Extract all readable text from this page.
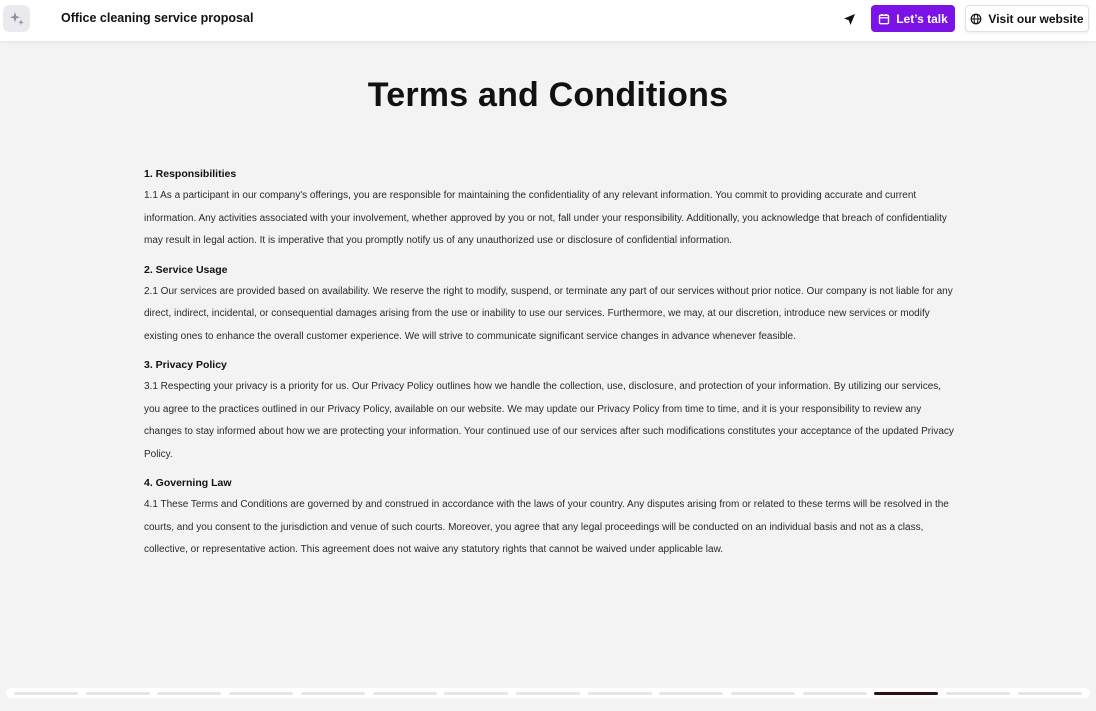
Office cleaning service proposal	Let’s talk	Visit our website
Terms and Conditions
1. Responsibilities

1.1 As a participant in our company's offerings, you are responsible for maintaining the confidentiality of any relevant information. You commit to providing accurate and current information. Any activities associated with your involvement, whether approved by you or not, fall under your responsibility. Additionally, you acknowledge that breach of confidentiality may result in legal action. It is imperative that you promptly notify us of any unauthorized use or disclosure of confidential information.

2. Service Usage

2.1 Our services are provided based on availability. We reserve the right to modify, suspend, or terminate any part of our services without prior notice. Our company is not liable for any direct, indirect, incidental, or consequential damages arising from the use or inability to use our services. Furthermore, we may, at our discretion, introduce new services or modify existing ones to enhance the overall customer experience. We will strive to communicate significant service changes in advance whenever feasible.

3. Privacy Policy

3.1 Respecting your privacy is a priority for us. Our Privacy Policy outlines how we handle the collection, use, disclosure, and protection of your information. By utilizing our services, you agree to the practices outlined in our Privacy Policy, available on our website. We may update our Privacy Policy from time to time, and it is your responsibility to review any changes to stay informed about how we are protecting your information. Your continued use of our services after such modifications constitutes your acceptance of the updated Privacy Policy.

4. Governing Law

4.1 These Terms and Conditions are governed by and construed in accordance with the laws of your country. Any disputes arising from or related to these terms will be resolved in the courts, and you consent to the jurisdiction and venue of such courts. Moreover, you agree that any legal proceedings will be conducted on an individual basis and not as a class, collective, or representative action. This agreement does not waive any statutory rights that cannot be waived under applicable law.
